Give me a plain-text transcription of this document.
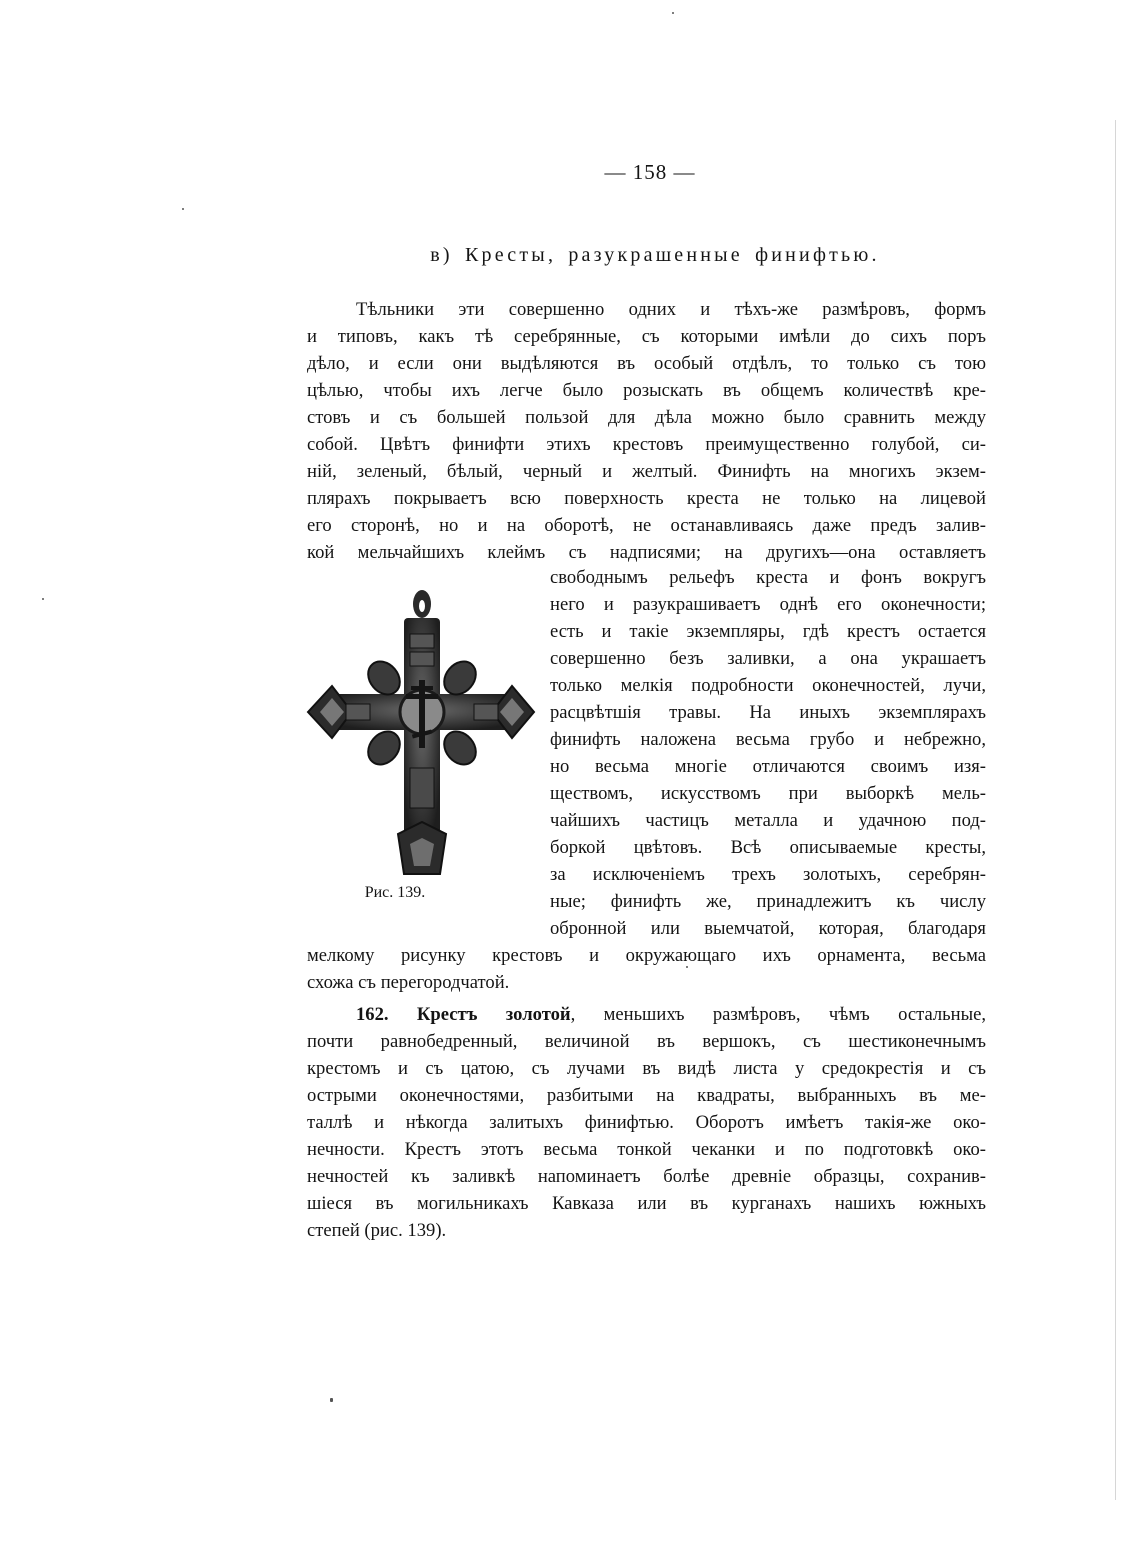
— 158 —
в) Кресты, разукрашенные финифтью.
Тѣльники эти совершенно одних и тѣхъ-же размѣровъ, формъ
и типовъ, какъ тѣ серебрянные, съ которыми имѣли до сихъ поръ
дѣло, и если они выдѣляются въ особый отдѣлъ, то только съ тою
цѣлью, чтобы ихъ легче было розыскать въ общемъ количествѣ кре-
стовъ и съ большей пользой для дѣла можно было сравнить между
собой. Цвѣтъ финифти этихъ крестовъ преимущественно голубой, си-
ній, зеленый, бѣлый, черный и желтый. Финифть на многихъ экзем-
плярахъ покрываетъ всю поверхность креста не только на лицевой
его сторонѣ, но и на оборотѣ, не останавливаясь даже предъ залив-
кой мельчайшихъ клеймъ съ надписями; на другихъ—она оставляетъ
свободнымъ рельефъ креста и фонъ вокругъ
него и разукрашиваетъ однѣ его оконечности;
есть и такіе экземпляры, гдѣ крестъ остается
совершенно безъ заливки, а она украшаетъ
только мелкія подробности оконечностей, лучи,
расцвѣтшія травы. На иныхъ экземплярахъ
финифть наложена весьма грубо и небрежно,
но весьма многіе отличаются своимъ изя-
ществомъ, искусствомъ при выборкѣ мель-
чайшихъ частицъ металла и удачною под-
боркой цвѣтовъ. Всѣ описываемые кресты,
за исключеніемъ трехъ золотыхъ, серебрян-
ные; финифть же, принадлежитъ къ числу
обронной или выемчатой, которая, благодаря
мелкому рисунку крестовъ и окружающаго ихъ орнамента, весьма
схожа съ перегородчатой.
Рис. 139.
162. Крестъ золотой, меньшихъ размѣровъ, чѣмъ остальные,
почти равнобедренный, величиной въ вершокъ, съ шестиконечнымъ
крестомъ и съ цатою, съ лучами въ видѣ листа у средокрестія и съ
острыми оконечностями, разбитыми на квадраты, выбранныхъ въ ме-
таллѣ и нѣкогда залитыхъ финифтью. Оборотъ имѣетъ такія-же око-
нечности. Крестъ этотъ весьма тонкой чеканки и по подготовкѣ око-
нечностей къ заливкѣ напоминаетъ болѣе древніе образцы, сохранив-
шіеся въ могильникахъ Кавказа или въ курганахъ нашихъ южныхъ
степей (рис. 139).
